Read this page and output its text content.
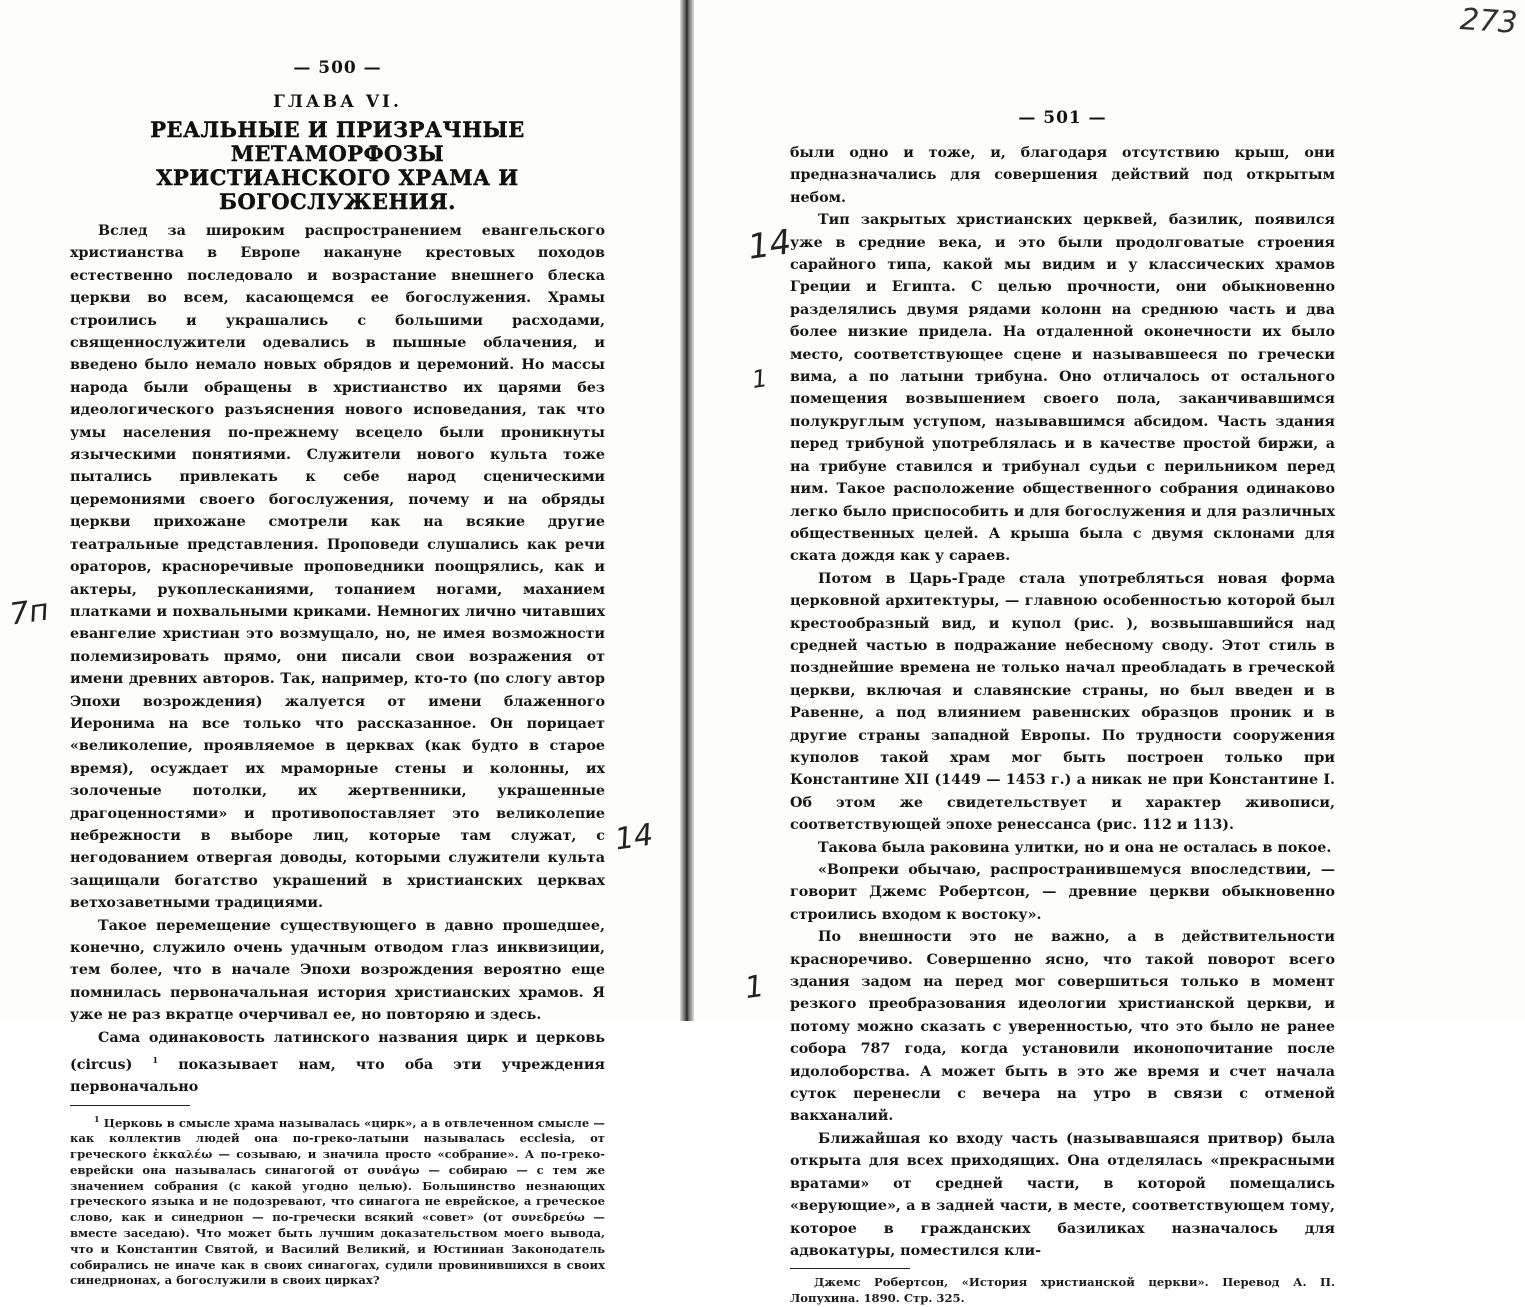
273
— 500 —
ГЛАВА VI.
РЕАЛЬНЫЕ И ПРИЗРАЧНЫЕ МЕТАМОРФОЗЫ
ХРИСТИАНСКОГО ХРАМА И БОГОСЛУЖЕНИЯ.

Вслед за широким распространением евангельского христианства в Европе накануне крестовых походов естественно последовало и возрастание внешнего блеска церкви во всем, касающемся ее богослужения. Храмы строились и украшались с большими расходами, священнослужители одевались в пышные облачения, и введено было немало новых обрядов и церемоний. Но массы народа были обращены в христианство их царями без идеологического разъяснения нового исповедания, так что умы населения по-прежнему всецело были проникнуты языческими понятиями. Служители нового культа тоже пытались привлекать к себе народ сценическими церемониями своего богослужения, почему и на обряды церкви прихожане смотрели как на всякие другие театральные представления. Проповеди слушались как речи ораторов, красноречивые проповедники поощрялись, как и актеры, рукоплесканиями, топанием ногами, маханием платками и похвальными криками. Немногих лично читавших евангелие христиан это возмущало, но, не имея возможности полемизировать прямо, они писали свои возражения от имени древних авторов. Так, например, кто-то (по слогу автор Эпохи возрождения) жалуется от имени блаженного Иеронима на все только что рассказанное. Он порицает «великолепие, проявляемое в церквах (как будто в старое время), осуждает их мраморные стены и колонны, их золоченые потолки, их жертвенники, украшенные драгоценностями» и противопоставляет это великолепие небрежности в выборе лиц, которые там служат, с негодованием отвергая доводы, которыми служители культа защищали богатство украшений в христианских церквах ветхозаветными традициями.

Такое перемещение существующего в давно прошедшее, конечно, служило очень удачным отводом глаз инквизиции, тем более, что в начале Эпохи возрождения вероятно еще помнилась первоначальная история христианских храмов. Я уже не раз вкратце очерчивал ее, но повторяю и здесь.

Сама одинаковость латинского названия цирк и церковь (circus)	$^1$ показывает нам, что оба эти учреждения первоначально

$^1$ Церковь в смысле храма называлась «цирк», а в отвлеченном смысле — как коллектив людей она по-греко-латыни называлась ecclesia, от греческого ἐκκαλέω — созываю, и значила просто «собрание». А по-греко-еврейски она называлась синагогой от συνάγω — собираю — с тем же значением собрания (с какой угодно целью). Большинство незнающих греческого языка и не подозревают, что синагога не еврейское, а греческое слово, как и синедрион — по-гречески всякий «совет» (от συνεδρεύω — вместе заседаю). Что может быть лучшим доказательством моего вывода, что и Константин Святой, и Василий Великий, и Юстиниан Законодатель собирались не иначе как в своих синагогах, судили провинившихся в своих синедрионах, а богослужили в своих цирках?

— 501 —

были одно и тоже, и, благодаря отсутствию крыш, они предназначались для совершения действий под открытым небом.

Тип закрытых христианских церквей, базилик, появился уже в средние века, и это были продолговатые строения сарайного типа, какой мы видим и у классических храмов Греции и Египта. С целью прочности, они обыкновенно разделялись двумя рядами колонн на среднюю часть и два более низкие придела. На отдаленной оконечности их было место, соответствующее сцене и называвшееся по гречески вима, а по латыни трибуна. Оно отличалось от остального помещения возвышением своего пола, заканчивавшимся полукруглым уступом, называвшимся абсидом. Часть здания перед трибуной употреблялась и в качестве простой биржи, а на трибуне ставился и трибунал судьи с перильником перед ним. Такое расположение общественного собрания одинаково легко было приспособить и для богослужения и для различных общественных целей. А крыша была с двумя склонами для ската дождя как у сараев.

Потом в Царь-Граде стала употребляться новая форма церковной архитектуры, — главною особенностью которой был крестообразный вид, и купол (рис. ), возвышавшийся над средней частью в подражание небесному своду. Этот стиль в позднейшие времена не только начал преобладать в греческой церкви, включая и славянские страны, но был введен и в Равенне, а под влиянием равеннских образцов проник и в другие страны западной Европы. По трудности сооружения куполов такой храм мог быть построен только при Константине XII (1449 — 1453 г.) а никак не при Константине I. Об этом же свидетельствует и характер живописи, соответствующей эпохе ренессанса (рис. 112 и 113).

Такова была раковина улитки, но и она не осталась в покое.

«Вопреки обычаю, распространившемуся впоследствии, — говорит Джемс Робертсон, — древние церкви обыкновенно строились входом к востоку».

По внешности это не важно, а в действительности красноречиво. Совершенно ясно, что такой поворот всего здания задом на перед мог совершиться только в момент резкого преобразования идеологии христианской церкви, и потому можно сказать с уверенностью, что это было не ранее собора 787 года, когда установили иконопочитание после идолоборства. А может быть в это же время и счет начала суток перенесли с вечера на утро в связи с отменой вакханалий.

Ближайшая ко входу часть (называвшаяся притвор) была открыта для всех приходящих. Она отделялась «прекрасными вратами» от средней части, в которой помещались «верующие», а в задней части, в месте, соответствующем тому, которое в гражданских базиликах назначалось для адвокатуры, поместился кли-

Джемс Робертсон, «История христианской церкви». Перевод А. П. Лопухина. 1890. Стр. 325.

7п
14
14
1
1
